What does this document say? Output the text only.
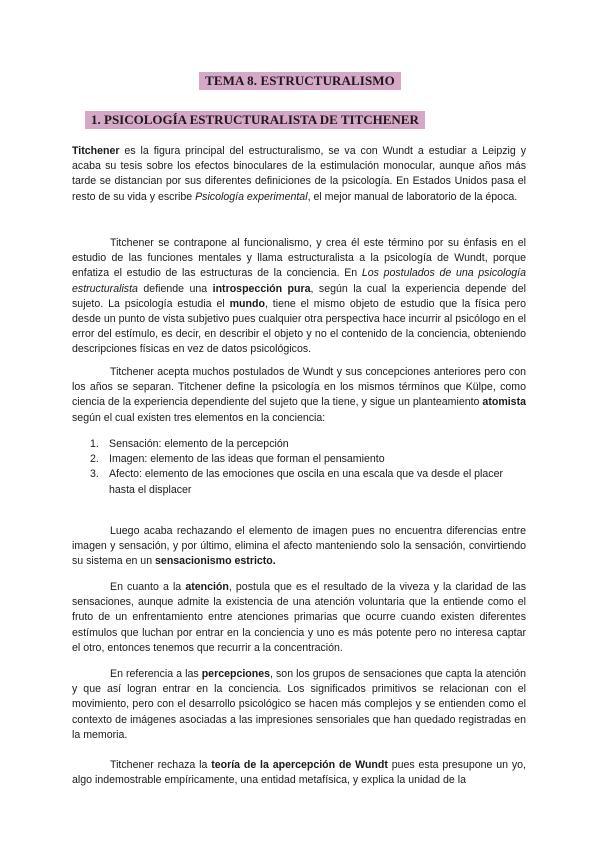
TEMA 8. ESTRUCTURALISMO
1. PSICOLOGÍA ESTRUCTURALISTA DE TITCHENER

Titchener es la figura principal del estructuralismo, se va con Wundt a estudiar a Leipzig y acaba su tesis sobre los efectos binoculares de la estimulación monocular, aunque años más tarde se distancian por sus diferentes definiciones de la psicología. En Estados Unidos pasa el resto de su vida y escribe Psicología experimental, el mejor manual de laboratorio de la época.

Titchener se contrapone al funcionalismo, y crea él este término por su énfasis en el estudio de las funciones mentales y llama estructuralista a la psicología de Wundt, porque enfatiza el estudio de las estructuras de la conciencia. En Los postulados de una psicología estructuralista defiende una introspección pura, según la cual la experiencia depende del sujeto. La psicología estudia el mundo, tiene el mismo objeto de estudio que la física pero desde un punto de vista subjetivo pues cualquier otra perspectiva hace incurrir al psicólogo en el error del estímulo, es decir, en describir el objeto y no el contenido de la conciencia, obteniendo descripciones físicas en vez de datos psicológicos.

Titchener acepta muchos postulados de Wundt y sus concepciones anteriores pero con los años se separan. Titchener define la psicología en los mismos términos que Külpe, como ciencia de la experiencia dependiente del sujeto que la tiene, y sigue un planteamiento atomista según el cual existen tres elementos en la conciencia:

1. Sensación: elemento de la percepción
2. Imagen: elemento de las ideas que forman el pensamiento
3. Afecto: elemento de las emociones que oscila en una escala que va desde el placer hasta el displacer

Luego acaba rechazando el elemento de imagen pues no encuentra diferencias entre imagen y sensación, y por último, elimina el afecto manteniendo solo la sensación, convirtiendo su sistema en un sensacionismo estricto.

En cuanto a la atención, postula que es el resultado de la viveza y la claridad de las sensaciones, aunque admite la existencia de una atención voluntaria que la entiende como el fruto de un enfrentamiento entre atenciones primarias que ocurre cuando existen diferentes estímulos que luchan por entrar en la conciencia y uno es más potente pero no interesa captar el otro, entonces tenemos que recurrir a la concentración.

En referencia a las percepciones, son los grupos de sensaciones que capta la atención y que así logran entrar en la conciencia. Los significados primitivos se relacionan con el movimiento, pero con el desarrollo psicológico se hacen más complejos y se entienden como el contexto de imágenes asociadas a las impresiones sensoriales que han quedado registradas en la memoria.

Titchener rechaza la teoría de la apercepción de Wundt pues esta presupone un yo, algo indemostrable empíricamente, una entidad metafísica, y explica la unidad de la
